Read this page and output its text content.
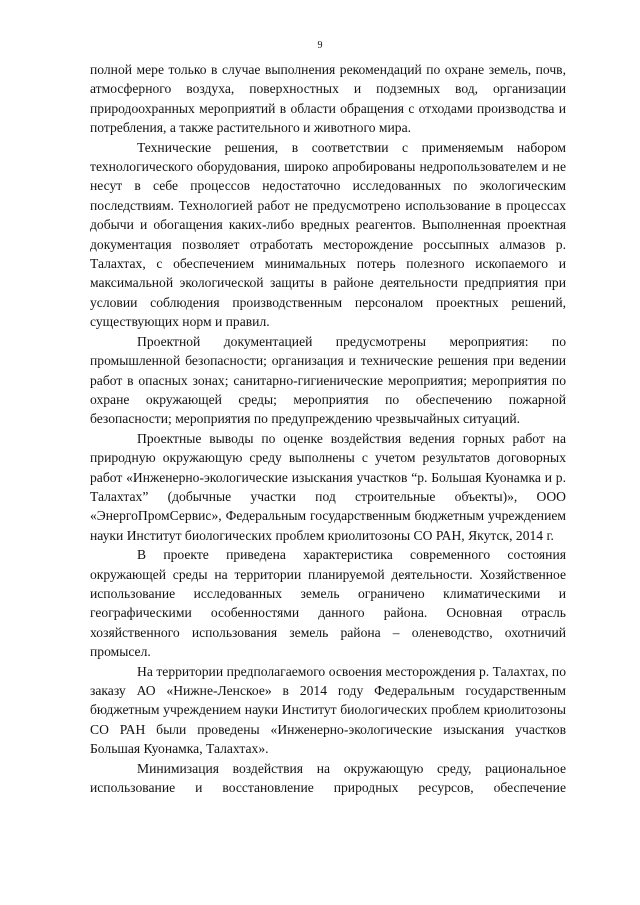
9

полной мере только в случае выполнения рекомендаций по охране земель, почв, атмосферного воздуха, поверхностных и подземных вод, организации природоохранных мероприятий в области обращения с отходами производства и потребления, а также растительного и животного мира.

Технические решения, в соответствии с применяемым набором технологического оборудования, широко апробированы недропользователем и не несут в себе процессов недостаточно исследованных по экологическим последствиям. Технологией работ не предусмотрено использование в процессах добычи и обогащения каких-либо вредных реагентов. Выполненная проектная документация позволяет отработать месторождение россыпных алмазов р. Талахтах, с обеспечением минимальных потерь полезного ископаемого и максимальной экологической защиты в районе деятельности предприятия при условии соблюдения производственным персоналом проектных решений, существующих норм и правил.

Проектной документацией предусмотрены мероприятия: по промышленной безопасности; организация и технические решения при ведении работ в опасных зонах; санитарно-гигиенические мероприятия; мероприятия по охране окружающей среды; мероприятия по обеспечению пожарной безопасности; мероприятия по предупреждению чрезвычайных ситуаций.

Проектные выводы по оценке воздействия ведения горных работ на природную окружающую среду выполнены с учетом результатов договорных работ «Инженерно-экологические изыскания участков “р. Большая Куонамка и р. Талахтах” (добычные участки под строительные объекты)», ООО «ЭнергоПромСервис», Федеральным государственным бюджетным учреждением науки Институт биологических проблем криолитозоны СО РАН, Якутск, 2014 г.

В проекте приведена характеристика современного состояния окружающей среды на территории планируемой деятельности. Хозяйственное использование исследованных земель ограничено климатическими и географическими особенностями данного района. Основная отрасль хозяйственного использования земель района – оленеводство, охотничий промысел.

На территории предполагаемого освоения месторождения р. Талахтах, по заказу АО «Нижне-Ленское» в 2014 году Федеральным государственным бюджетным учреждением науки Институт биологических проблем криолитозоны СО РАН были проведены «Инженерно-экологические изыскания участков Большая Куонамка, Талахтах».

Минимизация воздействия на окружающую среду, рациональное использование и восстановление природных ресурсов, обеспечение
